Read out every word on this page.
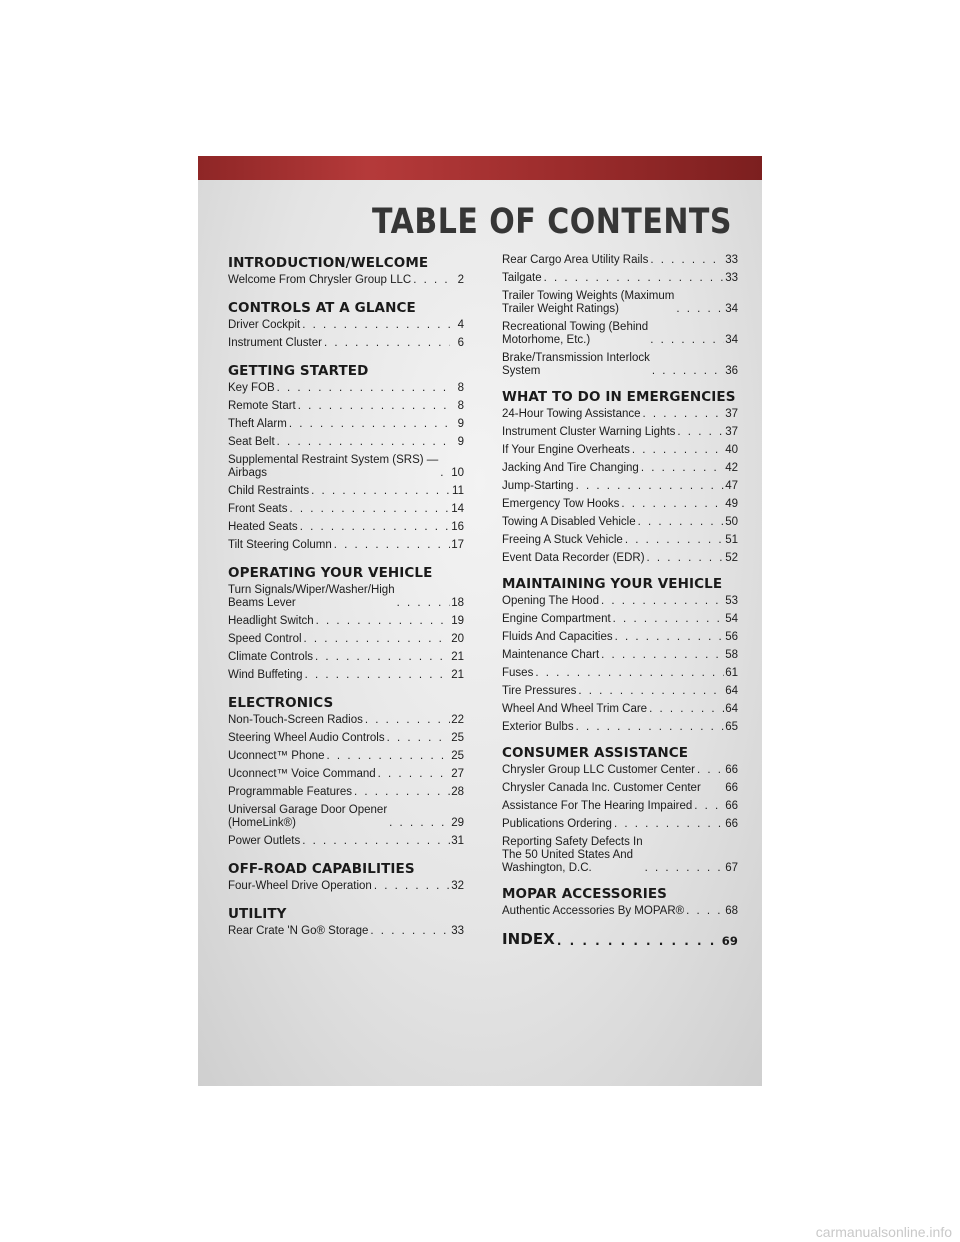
TABLE OF CONTENTS
INTRODUCTION/WELCOME
Welcome From Chrysler Group LLC . . .	2
CONTROLS AT A GLANCE
Driver Cockpit . . .	4
Instrument Cluster . . .	6
GETTING STARTED
Key FOB . . .	8
Remote Start . . .	8
Theft Alarm . . .	9
Seat Belt . . .	9
Supplemental Restraint System (SRS) —
Airbags . . .	10
Child Restraints . . .	11
Front Seats . . .	14
Heated Seats . . .	16
Tilt Steering Column . . .	17
OPERATING YOUR VEHICLE
Turn Signals/Wiper/Washer/High
Beams Lever . . .	18
Headlight Switch . . .	19
Speed Control . . .	20
Climate Controls . . .	21
Wind Buffeting . . .	21
ELECTRONICS
Non-Touch-Screen Radios . . .	22
Steering Wheel Audio Controls . . .	25
Uconnect™ Phone . . .	25
Uconnect™ Voice Command . . .	27
Programmable Features . . .	28
Universal Garage Door Opener
(HomeLink®) . . .	29
Power Outlets . . .	31
OFF-ROAD CAPABILITIES
Four-Wheel Drive Operation . . .	32
UTILITY
Rear Crate 'N Go® Storage . . .	33
Rear Cargo Area Utility Rails . . .	33
Tailgate . . .	33
Trailer Towing Weights (Maximum
Trailer Weight Ratings) . . .	34
Recreational Towing (Behind
Motorhome, Etc.) . . .	34
Brake/Transmission Interlock
System . . .	36
WHAT TO DO IN EMERGENCIES
24-Hour Towing Assistance . . .	37
Instrument Cluster Warning Lights . . .	37
If Your Engine Overheats . . .	40
Jacking And Tire Changing . . .	42
Jump-Starting . . .	47
Emergency Tow Hooks . . .	49
Towing A Disabled Vehicle . . .	50
Freeing A Stuck Vehicle . . .	51
Event Data Recorder (EDR) . . .	52
MAINTAINING YOUR VEHICLE
Opening The Hood . . .	53
Engine Compartment . . .	54
Fluids And Capacities . . .	56
Maintenance Chart . . .	58
Fuses . . .	61
Tire Pressures . . .	64
Wheel And Wheel Trim Care . . .	64
Exterior Bulbs . . .	65
CONSUMER ASSISTANCE
Chrysler Group LLC Customer Center . . .	66
Chrysler Canada Inc. Customer Center 66
Assistance For The Hearing Impaired . . .	66
Publications Ordering . . .	66
Reporting Safety Defects In
The 50 United States And
Washington, D.C. . . .	67
MOPAR ACCESSORIES
Authentic Accessories By MOPAR® . . .	68
INDEX . . .	69
carmanualsonline.info
